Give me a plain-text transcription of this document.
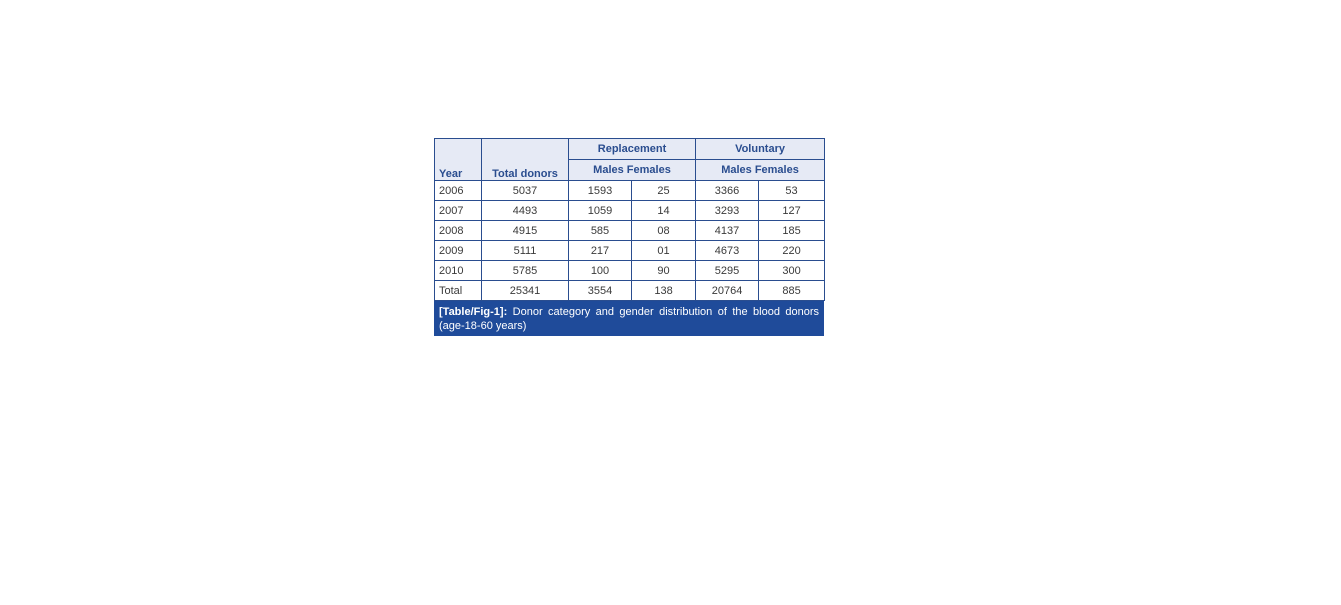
Year	Total donors	Replacement		Voluntary	
		Males Females		Males Females	
2006	5037	1593	25	3366	53
2007	4493	1059	14	3293	127
2008	4915	585	08	4137	185
2009	5111	217	01	4673	220
2010	5785	100	90	5295	300
Total	25341	3554	138	20764	885
[Table/Fig-1]: Donor category and gender distribution of the blood donors (age-18-60 years)
